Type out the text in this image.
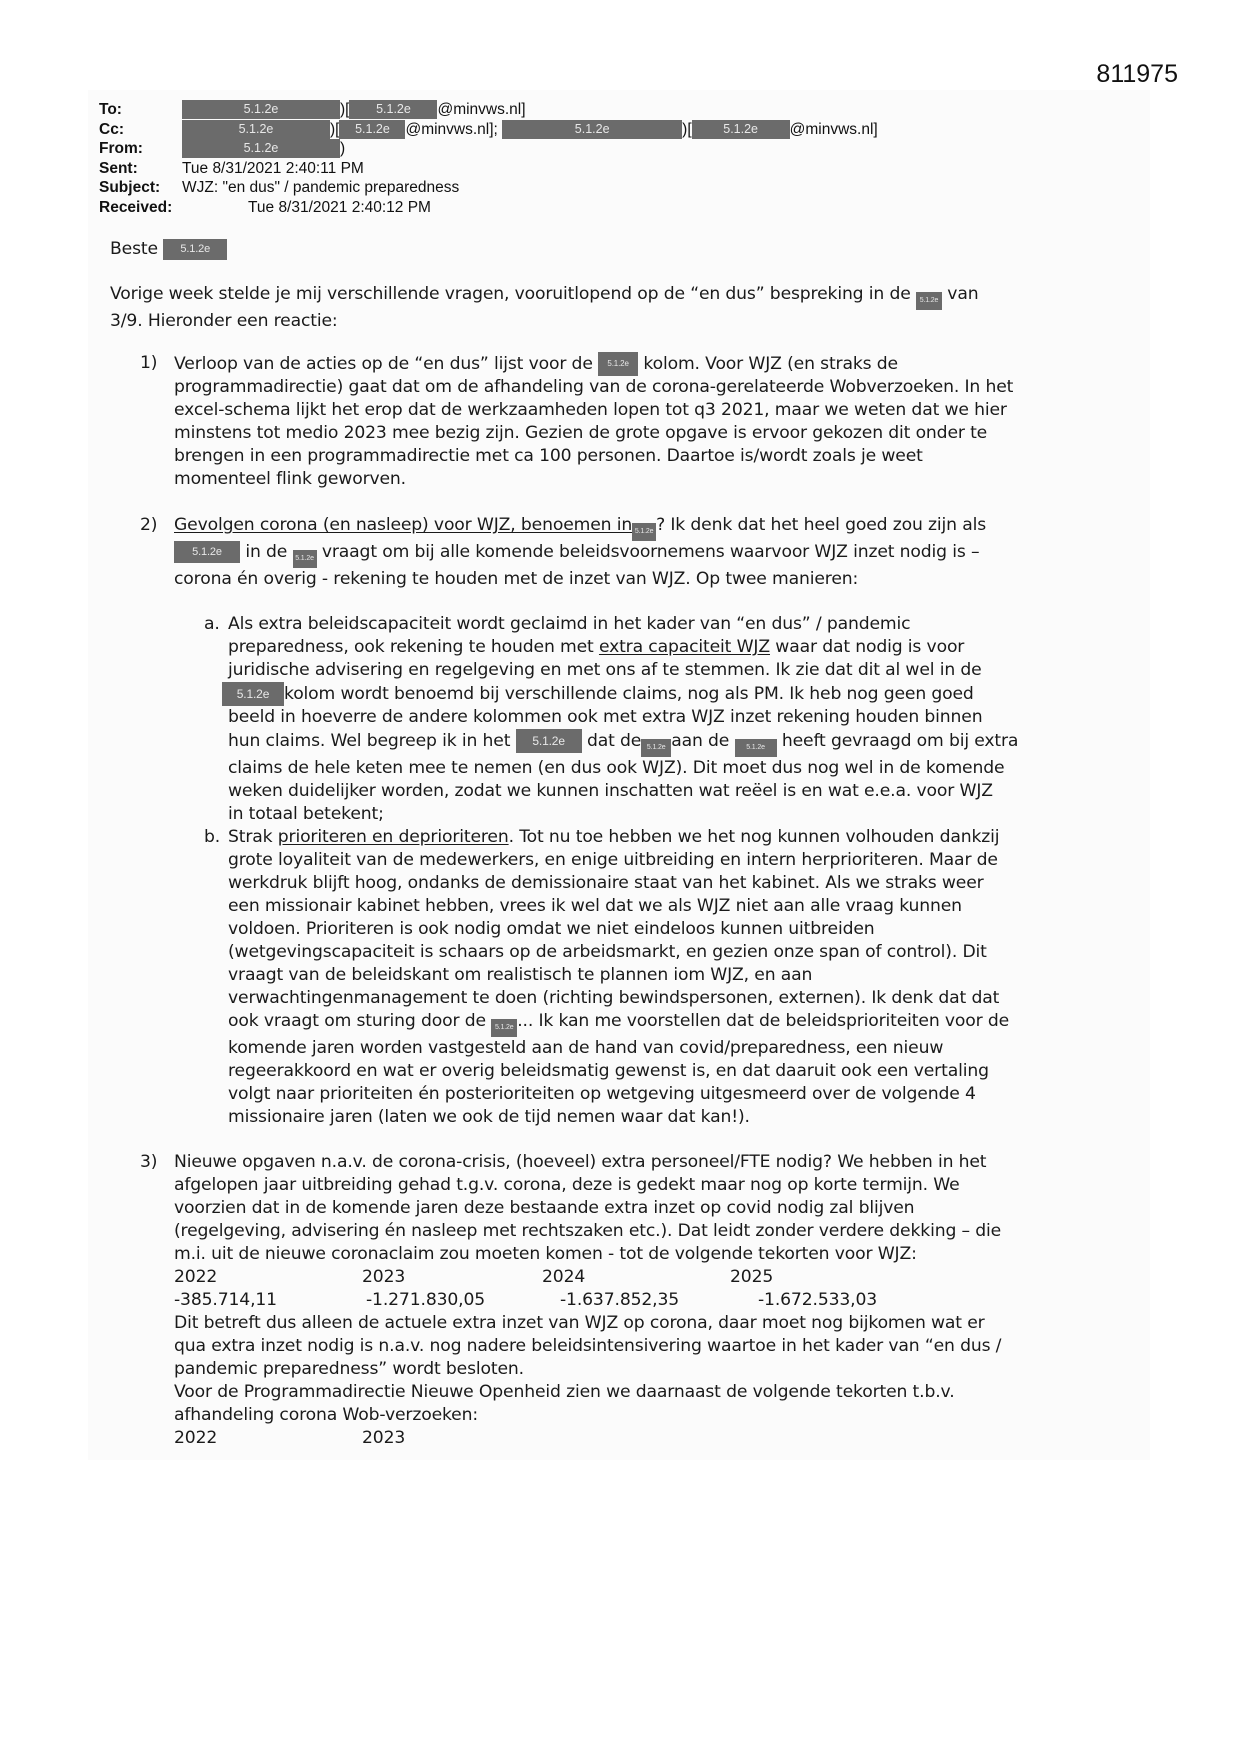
811975
To:	5.1.2e	)[	5.1.2e	@minvws.nl]
Cc:	5.1.2e	)[	5.1.2e	@minvws.nl];
	5.1.2e	)[	5.1.2e	@minvws.nl]
From:	5.1.2e	)
Sent:	Tue 8/31/2021 2:40:11 PM
Subject:	WJZ: "en dus" / pandemic preparedness
Received:	Tue 8/31/2021 2:40:12 PM

Beste 5.1.2e

Vorige week stelde je mij verschillende vragen, vooruitlopend op de “en dus” bespreking in de 5.1.2e van
3/9. Hieronder een reactie:

1) Verloop van de acties op de “en dus” lijst voor de 5.1.2e kolom. Voor WJZ (en straks de
programmadirectie) gaat dat om de afhandeling van de corona-gerelateerde Wobverzoeken. In het
excel-schema lijkt het erop dat de werkzaamheden lopen tot q3 2021, maar we weten dat we hier
minstens tot medio 2023 mee bezig zijn. Gezien de grote opgave is ervoor gekozen dit onder te
brengen in een programmadirectie met ca 100 personen. Daartoe is/wordt zoals je weet
momenteel flink geworven.
2) Gevolgen corona (en nasleep) voor WJZ, benoemen in 5.1.2e ? Ik denk dat het heel goed zou zijn als
5.1.2e in de 5.1.2e vraagt om bij alle komende beleidsvoornemens waarvoor WJZ inzet nodig is –
corona én overig - rekening te houden met de inzet van WJZ. Op twee manieren:
a. Als extra beleidscapaciteit wordt geclaimd in het kader van “en dus” / pandemic
preparedness, ook rekening te houden met extra capaciteit WJZ waar dat nodig is voor
juridische advisering en regelgeving en met ons af te stemmen. Ik zie dat dit al wel in de
5.1.2e kolom wordt benoemd bij verschillende claims, nog als PM. Ik heb nog geen goed
beeld in hoeverre de andere kolommen ook met extra WJZ inzet rekening houden binnen
hun claims. Wel begreep ik in het 5.1.2e dat de 5.1.2e aan de 5.1.2e heeft gevraagd om bij extra
claims de hele keten mee te nemen (en dus ook WJZ). Dit moet dus nog wel in de komende
weken duidelijker worden, zodat we kunnen inschatten wat reëel is en wat e.e.a. voor WJZ
in totaal betekent;
b. Strak prioriteren en deprioriteren. Tot nu toe hebben we het nog kunnen volhouden dankzij
grote loyaliteit van de medewerkers, en enige uitbreiding en intern herprioriteren. Maar de
werkdruk blijft hoog, ondanks de demissionaire staat van het kabinet. Als we straks weer
een missionair kabinet hebben, vrees ik wel dat we als WJZ niet aan alle vraag kunnen
voldoen. Prioriteren is ook nodig omdat we niet eindeloos kunnen uitbreiden
(wetgevingscapaciteit is schaars op de arbeidsmarkt, en gezien onze span of control). Dit
vraagt van de beleidskant om realistisch te plannen iom WJZ, en aan
verwachtingenmanagement te doen (richting bewindspersonen, externen). Ik denk dat dat
ook vraagt om sturing door de 5.1.2e ... Ik kan me voorstellen dat de beleidsprioriteiten voor de
komende jaren worden vastgesteld aan de hand van covid/preparedness, een nieuw
regeerakkoord en wat er overig beleidsmatig gewenst is, en dat daaruit ook een vertaling
volgt naar prioriteiten én posterioriteiten op wetgeving uitgesmeerd over de volgende 4
missionaire jaren (laten we ook de tijd nemen waar dat kan!).
3) Nieuwe opgaven n.a.v. de corona-crisis, (hoeveel) extra personeel/FTE nodig? We hebben in het
afgelopen jaar uitbreiding gehad t.g.v. corona, deze is gedekt maar nog op korte termijn. We
voorzien dat in de komende jaren deze bestaande extra inzet op covid nodig zal blijven
(regelgeving, advisering én nasleep met rechtszaken etc.). Dat leidt zonder verdere dekking – die
m.i. uit de nieuwe coronaclaim zou moeten komen - tot de volgende tekorten voor WJZ:
2022	2023	2024	2025
-385.714,11	-1.271.830,05	-1.637.852,35	-1.672.533,03
Dit betreft dus alleen de actuele extra inzet van WJZ op corona, daar moet nog bijkomen wat er
qua extra inzet nodig is n.a.v. nog nadere beleidsintensivering waartoe in het kader van “en dus /
pandemic preparedness” wordt besloten.
Voor de Programmadirectie Nieuwe Openheid zien we daarnaast de volgende tekorten t.b.v.
afhandeling corona Wob-verzoeken:
2022	2023
